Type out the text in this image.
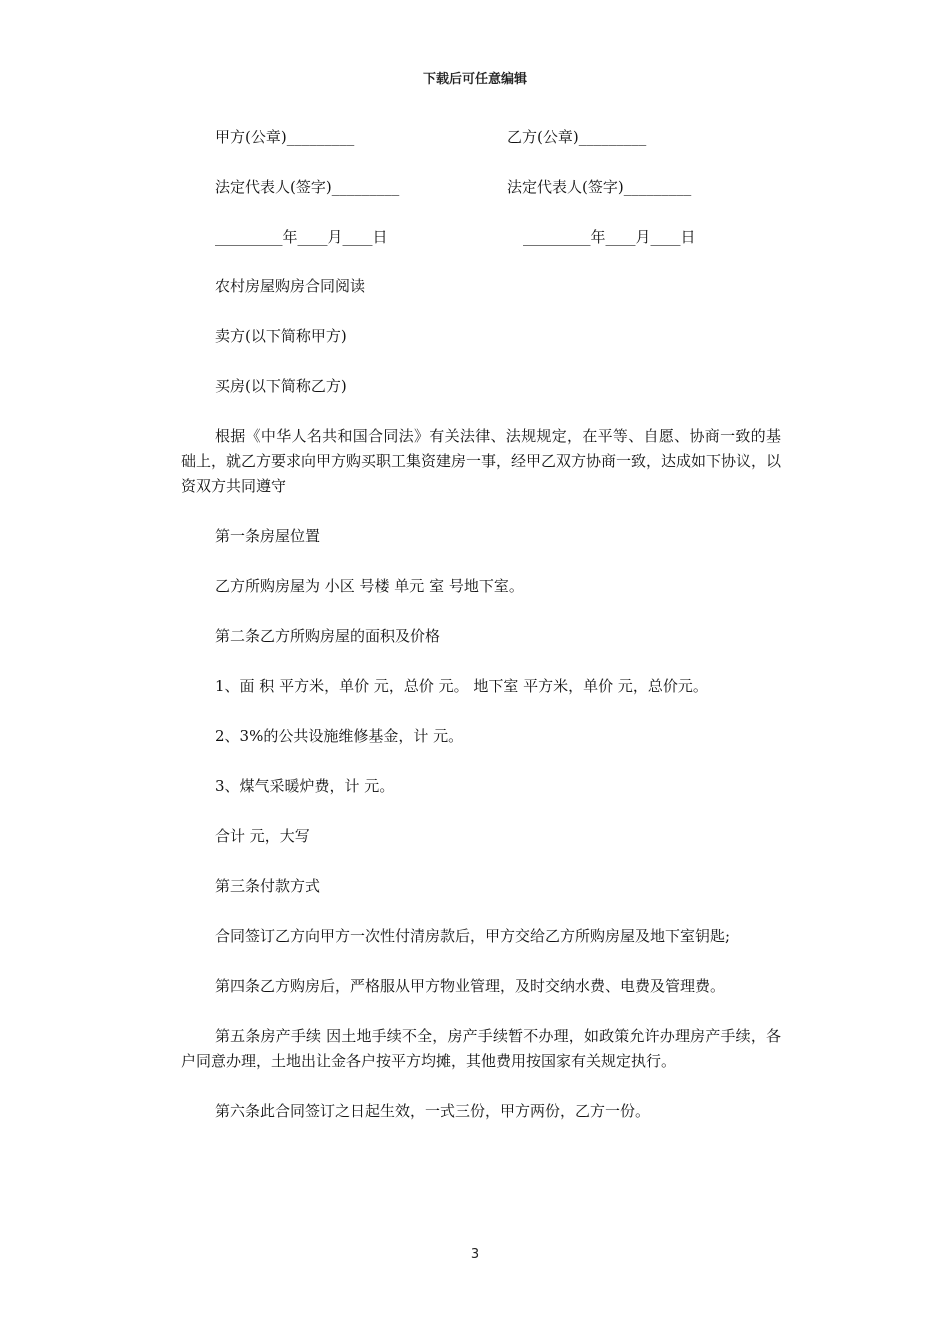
下载后可任意编辑
甲方(公章)_________	乙方(公章)_________
法定代表人(签字)_________	法定代表人(签字)_________
_________年____月____日	_________年____月____日

农村房屋购房合同阅读

卖方(以下简称甲方)

买房(以下简称乙方)

根据《中华人名共和国合同法》有关法律、法规规定，在平等、自愿、协商一致的基础上，就乙方要求向甲方购买职工集资建房一事，经甲乙双方协商一致，达成如下协议，以资双方共同遵守

第一条房屋位置

乙方所购房屋为 小区 号楼 单元 室 号地下室。

第二条乙方所购房屋的面积及价格

1、面 积 平方米，单价 元，总价 元。 地下室 平方米，单价 元，总价元。

2、3%的公共设施维修基金，计 元。

3、煤气采暖炉费，计 元。

合计 元，大写

第三条付款方式

合同签订乙方向甲方一次性付清房款后，甲方交给乙方所购房屋及地下室钥匙;

第四条乙方购房后，严格服从甲方物业管理，及时交纳水费、电费及管理费。

第五条房产手续 因土地手续不全，房产手续暂不办理，如政策允许办理房产手续，各户同意办理，土地出让金各户按平方均摊，其他费用按国家有关规定执行。

第六条此合同签订之日起生效，一式三份，甲方两份，乙方一份。

3
